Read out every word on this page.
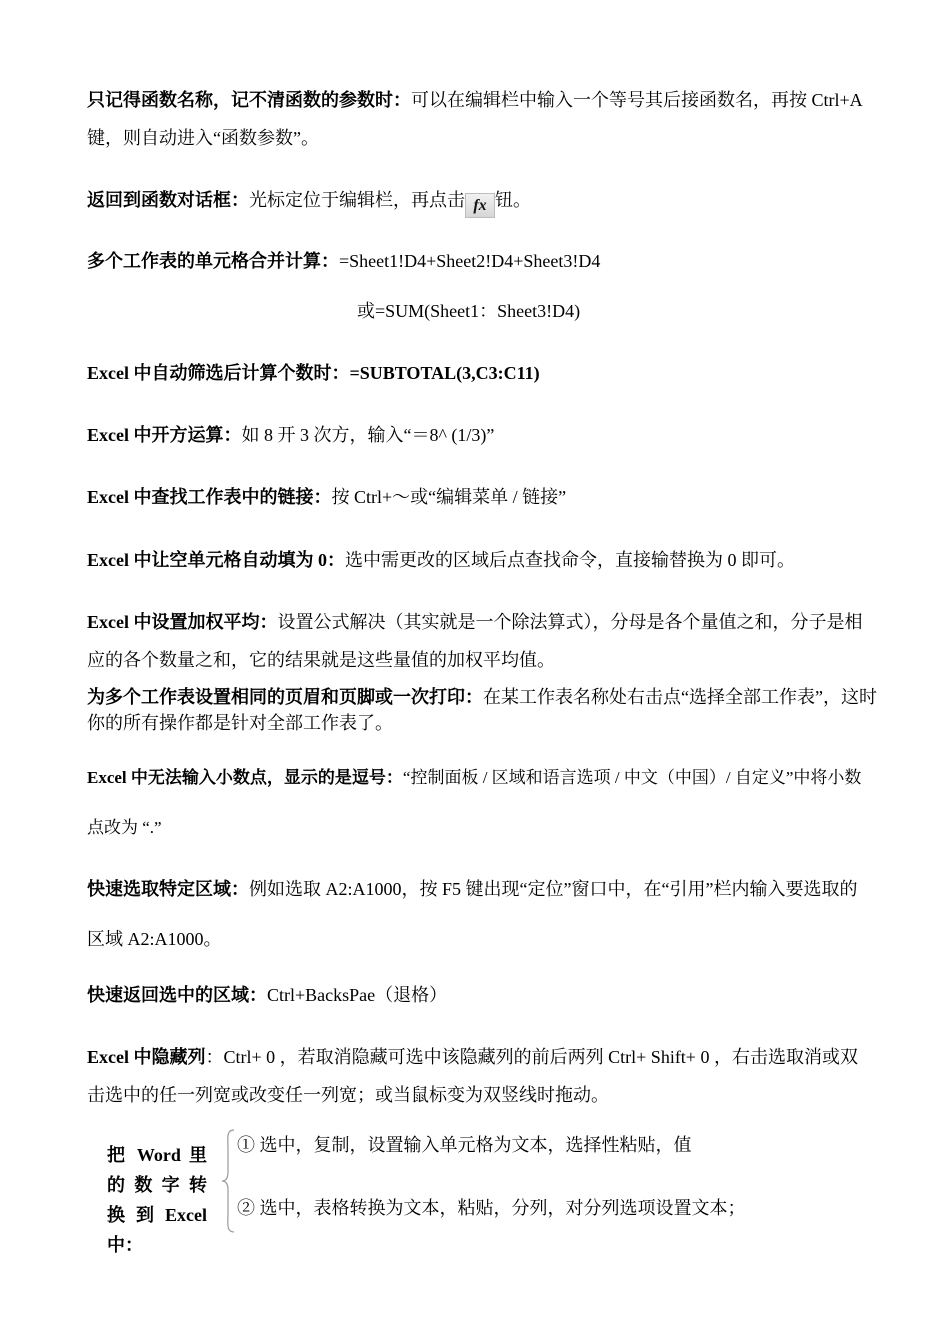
只记得函数名称，记不清函数的参数时：可以在编辑栏中输入一个等号其后接函数名，再按 Ctrl+A 键，则自动进入“函数参数”。
返回到函数对话框：光标定位于编辑栏，再点击 fx 钮。
多个工作表的单元格合并计算：=Sheet1!D4+Sheet2!D4+Sheet3!D4
或=SUM(Sheet1：Sheet3!D4)
Excel 中自动筛选后计算个数时：=SUBTOTAL(3,C3:C11)
Excel 中开方运算：如 8 开 3 次方，输入“＝8^ (1/3)”
Excel 中查找工作表中的链接：按 Ctrl+～或“编辑菜单 / 链接”
Excel 中让空单元格自动填为 0：选中需更改的区域后点查找命令，直接输替换为 0 即可。
Excel 中设置加权平均：设置公式解决（其实就是一个除法算式），分母是各个量值之和，分子是相应的各个数量之和，它的结果就是这些量值的加权平均值。
为多个工作表设置相同的页眉和页脚或一次打印：在某工作表名称处右击点“选择全部工作表”，这时你的所有操作都是针对全部工作表了。
Excel 中无法输入小数点，显示的是逗号：“控制面板 / 区域和语言选项 / 中文（中国）/ 自定义”中将小数点改为 “.”
快速选取特定区域：例如选取 A2:A1000，按 F5 键出现“定位”窗口中，在“引用”栏内输入要选取的区域 A2:A1000。
快速返回选中的区域：Ctrl+BacksPae（退格）
Excel 中隐藏列：Ctrl+ 0 ，若取消隐藏可选中该隐藏列的前后两列 Ctrl+ Shift+ 0 ，右击选取消或双击选中的任一列宽或改变任一列宽；或当鼠标变为双竖线时拖动。
把 Word 里
的 数 字 转
换 到 Excel
中：
① 选中，复制，设置输入单元格为文本，选择性粘贴，值
② 选中，表格转换为文本，粘贴，分列，对分列选项设置文本；
